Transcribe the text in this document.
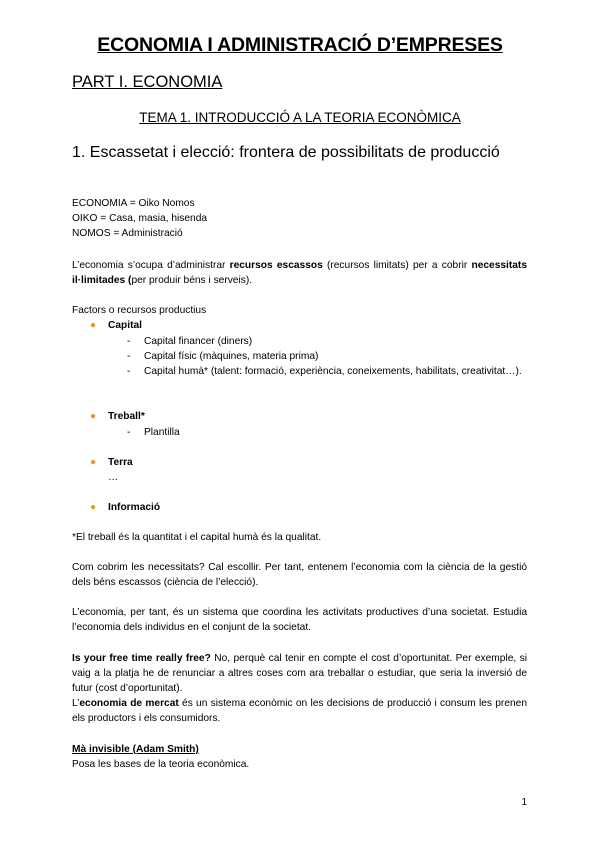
ECONOMIA I ADMINISTRACIÓ D’EMPRESES
PART I. ECONOMIA
TEMA 1. INTRODUCCIÓ A LA TEORIA ECONÒMICA
1. Escassetat i elecció: frontera de possibilitats de producció
ECONOMIA = Oiko Nomos
OIKO = Casa, masia, hisenda
NOMOS = Administració
L’economia s’ocupa d’administrar recursos escassos (recursos limitats) per a cobrir necessitats il·limitades (per produir béns i serveis).
Factors o recursos productius
● Capital
- Capital financer (diners)
- Capital físic (màquines, materia prima)
- Capital humà* (talent: formació, experiència, coneixements, habilitats, creativitat…).
● Treball*
- Plantilla
● Terra
…
● Informació
*El treball és la quantitat i el capital humà és la qualitat.
Com cobrim les necessitats? Cal escollir. Per tant, entenem l’economia com la ciència de la gestió dels béns escassos (ciència de l’elecció).
L’economia, per tant, és un sistema que coordina les activitats productives d’una societat. Estudia l’economia dels individus en el conjunt de la societat.
Is your free time really free? No, perquè cal tenir en compte el cost d’oportunitat. Per exemple, si vaig a la platja he de renunciar a altres coses com ara treballar o estudiar, que seria la inversió de futur (cost d’oportunitat).
L’economia de mercat és un sistema econòmic on les decisions de producció i consum les prenen els productors i els consumidors.
Mà invisible (Adam Smith)
Posa les bases de la teoria econòmica.
1
